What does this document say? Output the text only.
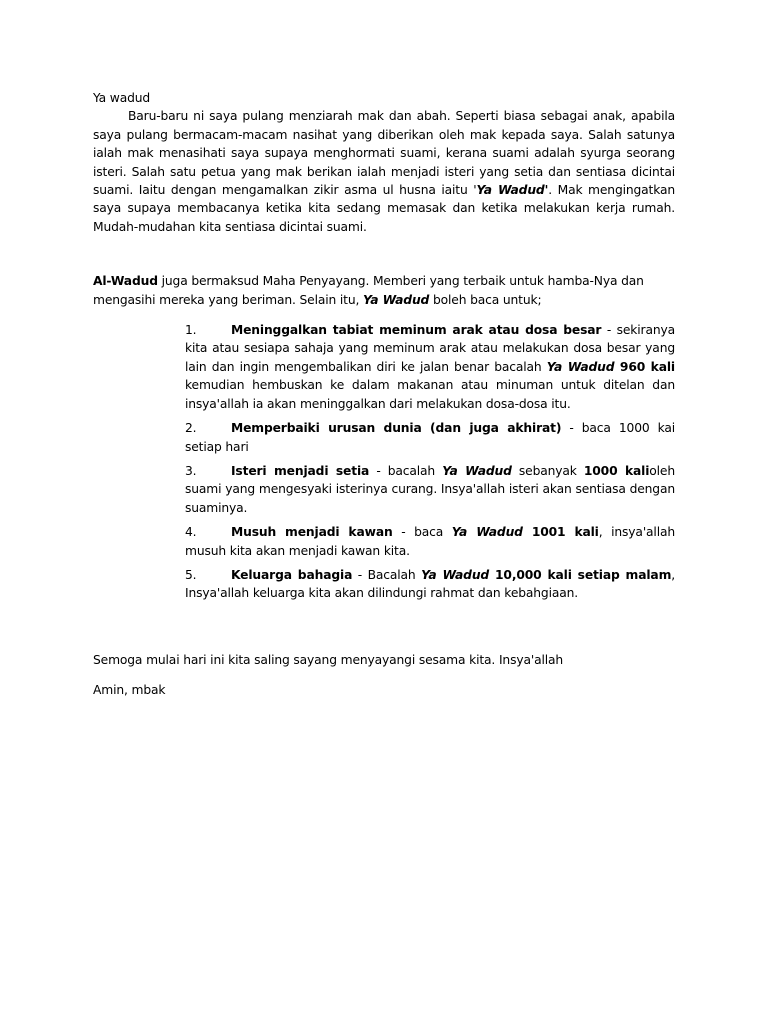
Ya wadud

Baru-baru ni saya pulang menziarah mak dan abah. Seperti biasa sebagai anak, apabila saya pulang bermacam-macam nasihat yang diberikan oleh mak kepada saya. Salah satunya ialah mak menasihati saya supaya menghormati suami, kerana suami adalah syurga seorang isteri. Salah satu petua yang mak berikan ialah menjadi isteri yang setia dan sentiasa dicintai suami. Iaitu dengan mengamalkan zikir asma ul husna iaitu 'Ya Wadud'. Mak mengingatkan saya supaya membacanya ketika kita sedang memasak dan ketika melakukan kerja rumah. Mudah-mudahan kita sentiasa dicintai suami.

Al-Wadud juga bermaksud Maha Penyayang. Memberi yang terbaik untuk hamba-Nya dan mengasihi mereka yang beriman. Selain itu, Ya Wadud boleh baca untuk;

1.	Meninggalkan tabiat meminum arak atau dosa besar - sekiranya kita atau sesiapa sahaja yang meminum arak atau melakukan dosa besar yang lain dan ingin mengembalikan diri ke jalan benar bacalah Ya Wadud 960 kali kemudian hembuskan ke dalam makanan atau minuman untuk ditelan dan insya'allah ia akan meninggalkan dari melakukan dosa-dosa itu.
2.	Memperbaiki urusan dunia (dan juga akhirat) - baca 1000 kai setiap hari
3.	Isteri menjadi setia - bacalah Ya Wadud sebanyak 1000 kalioleh suami yang mengesyaki isterinya curang. Insya'allah isteri akan sentiasa dengan suaminya.
4.	Musuh menjadi kawan - baca Ya Wadud 1001 kali, insya'allah musuh kita akan menjadi kawan kita.
5.	Keluarga bahagia - Bacalah Ya Wadud 10,000 kali setiap malam, Insya'allah keluarga kita akan dilindungi rahmat dan kebahgiaan.

Semoga mulai hari ini kita saling sayang menyayangi sesama kita. Insya'allah

Amin, mbak
